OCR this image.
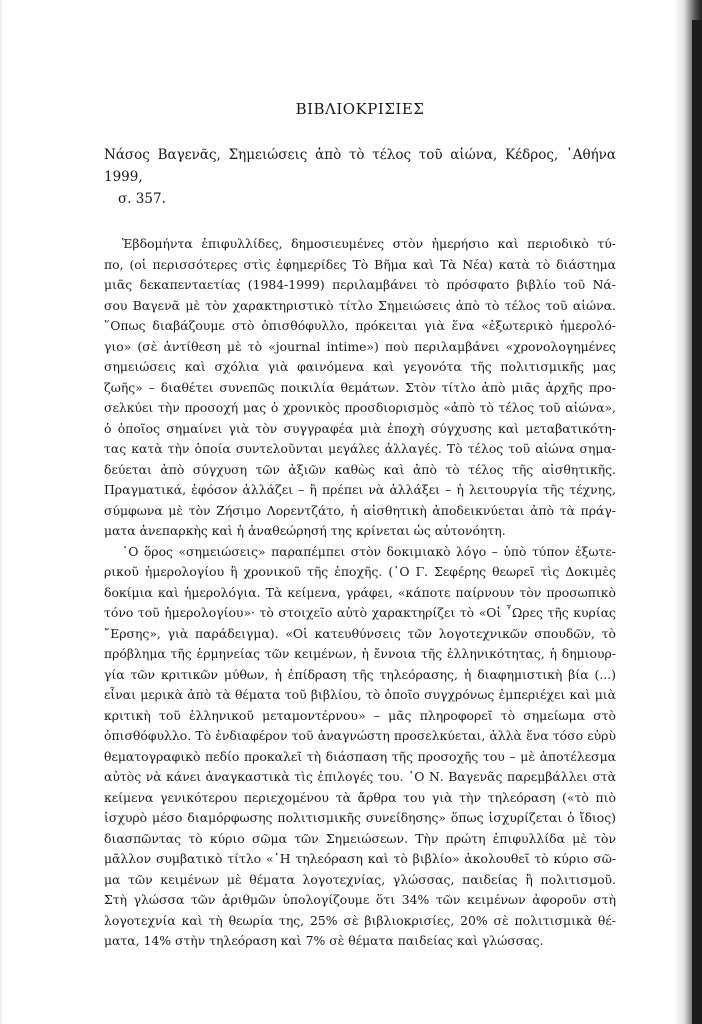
ΒΙΒΛΙΟΚΡΙΣΙΕΣ

Νάσος Βαγενᾶς, Σημειώσεις ἀπὸ τὸ τέλος τοῦ αἰώνα, Κέδρος, ᾿Αθήνα 1999,
σ. 357.

Ἑβδομήντα ἐπιφυλλίδες, δημοσιευμένες στὸν ἡμερήσιο καὶ περιοδικὸ τύ-
πο, (οἱ περισσότερες στὶς ἐφημερίδες Τὸ Βῆμα καὶ Τὰ Νέα) κατὰ τὸ διάστημα
μιᾶς δεκαπενταετίας (1984-1999) περιλαμβάνει τὸ πρόσφατο βιβλίο τοῦ Νά-
σου Βαγενᾶ μὲ τὸν χαρακτηριστικὸ τίτλο Σημειώσεις ἀπὸ τὸ τέλος τοῦ αἰώνα.
῞Οπως διαβάζουμε στὸ ὀπισθόφυλλο, πρόκειται γιὰ ἕνα «ἐξωτερικὸ ἡμερολό-
γιο» (σὲ ἀντίθεση μὲ τὸ «journal intime») ποὺ περιλαμβάνει «χρονολογημένες
σημειώσεις καὶ σχόλια γιὰ φαινόμενα καὶ γεγονότα τῆς πολιτισμικῆς μας
ζωῆς» – διαθέτει συνεπῶς ποικιλία θεμάτων. Στὸν τίτλο ἀπὸ μιᾶς ἀρχῆς προ-
σελκύει τὴν προσοχή μας ὁ χρονικὸς προσδιορισμὸς «ἀπὸ τὸ τέλος τοῦ αἰώνα»,
ὁ ὁποῖος σημαίνει γιὰ τὸν συγγραφέα μιὰ ἐποχὴ σύγχυσης καὶ μεταβατικότη-
τας κατὰ τὴν ὁποία συντελοῦνται μεγάλες ἀλλαγές. Τὸ τέλος τοῦ αἰώνα σημα-
δεύεται ἀπὸ σύγχυση τῶν ἀξιῶν καθὼς καὶ ἀπὸ τὸ τέλος τῆς αἰσθητικῆς.
Πραγματικά, ἐφόσον ἀλλάζει – ἢ πρέπει νὰ ἀλλάξει – ἡ λειτουργία τῆς τέχνης,
σύμφωνα μὲ τὸν Ζήσιμο Λορεντζάτο, ἡ αἰσθητικὴ ἀποδεικνύεται ἀπὸ τὰ πράγ-
ματα ἀνεπαρκὴς καὶ ἡ ἀναθεώρησή της κρίνεται ὡς αὐτονόητη.
῾Ο ὅρος «σημειώσεις» παραπέμπει στὸν δοκιμιακὸ λόγο – ὑπὸ τύπον ἐξωτε-
ρικοῦ ἡμερολογίου ἢ χρονικοῦ τῆς ἐποχῆς. (῾Ο Γ. Σεφέρης θεωρεῖ τὶς Δοκιμὲς
δοκίμια καὶ ἡμερολόγια. Τὰ κείμενα, γράφει, «κάποτε παίρνουν τὸν προσωπικὸ
τόνο τοῦ ἡμερολογίου»· τὸ στοιχεῖο αὐτὸ χαρακτηρίζει τὸ «Οἱ ῟Ωρες τῆς κυρίας
῎Ερσης», γιὰ παράδειγμα). «Οἱ κατευθύνσεις τῶν λογοτεχνικῶν σπουδῶν, τὸ
πρόβλημα τῆς ἑρμηνείας τῶν κειμένων, ἡ ἔννοια τῆς ἑλληνικότητας, ἡ δημιουρ-
γία τῶν κριτικῶν μύθων, ἡ ἐπίδραση τῆς τηλεόρασης, ἡ διαφημιστικὴ βία (...)
εἶναι μερικὰ ἀπὸ τὰ θέματα τοῦ βιβλίου, τὸ ὁποῖο συγχρόνως ἐμπεριέχει καὶ μιὰ
κριτικὴ τοῦ ἑλληνικοῦ μεταμοντέρνου» – μᾶς πληροφορεῖ τὸ σημείωμα στὸ
ὀπισθόφυλλο. Τὸ ἐνδιαφέρον τοῦ ἀναγνώστη προσελκύεται, ἀλλὰ ἕνα τόσο εὐρὺ
θεματογραφικὸ πεδίο προκαλεῖ τὴ διάσπαση τῆς προσοχῆς του – μὲ ἀποτέλεσμα
αὐτὸς νὰ κάνει ἀναγκαστικὰ τὶς ἐπιλογές του. ῾Ο Ν. Βαγενᾶς παρεμβάλλει στὰ
κείμενα γενικότερου περιεχομένου τὰ ἄρθρα του γιὰ τὴν τηλεόραση («τὸ πιὸ
ἰσχυρὸ μέσο διαμόρφωσης πολιτισμικῆς συνείδησης» ὅπως ἰσχυρίζεται ὁ ἴδιος)
διασπῶντας τὸ κύριο σῶμα τῶν Σημειώσεων. Τὴν πρώτη ἐπιφυλλίδα μὲ τὸν
μᾶλλον συμβατικὸ τίτλο «῾Η τηλεόραση καὶ τὸ βιβλίο» ἀκολουθεῖ τὸ κύριο σῶ-
μα τῶν κειμένων μὲ θέματα λογοτεχνίας, γλώσσας, παιδείας ἢ πολιτισμοῦ.
Στὴ γλώσσα τῶν ἀριθμῶν ὑπολογίζουμε ὅτι 34% τῶν κειμένων ἀφοροῦν στὴ
λογοτεχνία καὶ τὴ θεωρία της, 25% σὲ βιβλιοκρισίες, 20% σὲ πολιτισμικὰ θέ-
ματα, 14% στὴν τηλεόραση καὶ 7% σὲ θέματα παιδείας καὶ γλώσσας.
